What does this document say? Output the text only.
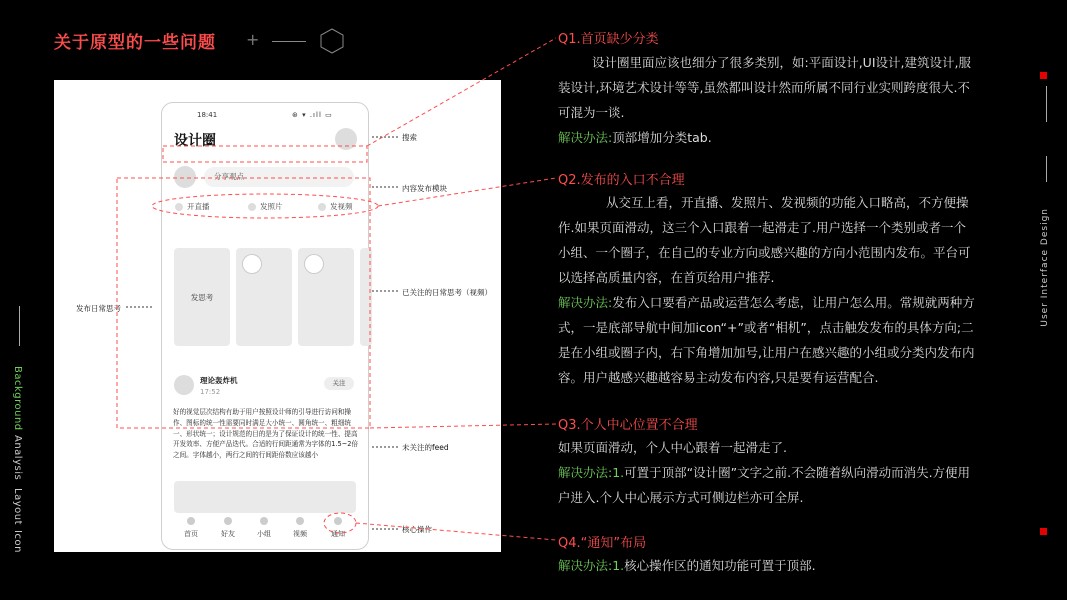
关于原型的一些问题 +
18:41	⊛ ▾ .ıll ▭
设计圈
分享观点
开直播	发照片	发视频
发思考
理论轰炸机
17:52
关注
好的视觉层次结构有助于用户按照设计师的引导进行访问和操作、图标的统一性需要同时满足大小统一、圆角统一、粗细统一、形状统一；设计规范的目的是为了保证设计的统一性、提高开发效率、方便产品迭代。合适的行间距通常为字体的1.5~2倍之间。字体越小，两行之间的行间距倍数应该越小
首页	好友	小组	视频	通知
搜索
内容发布模块
发布日常思考
已关注的日常思考（视频）
未关注的feed
核心操作
Q1.首页缺少分类
设计圈里面应该也细分了很多类别，如:平面设计,UI设计,建筑设计,服
装设计,环境艺术设计等等,虽然都叫设计然而所属不同行业实则跨度很大.不
可混为一谈.
解决办法:顶部增加分类tab.
Q2.发布的入口不合理
从交互上看，开直播、发照片、发视频的功能入口略高，不方便操
作.如果页面滑动，这三个入口跟着一起滑走了.用户选择一个类别或者一个
小组、一个圈子，在自己的专业方向或感兴趣的方向小范围内发布。平台可
以选择高质量内容，在首页给用户推荐.
解决办法:发布入口要看产品或运营怎么考虑，让用户怎么用。常规就两种方
式，一是底部导航中间加icon“+”或者“相机”，点击触发发布的具体方向;二
是在小组或圈子内，右下角增加加号,让用户在感兴趣的小组或分类内发布内
容。用户越感兴趣越容易主动发布内容,只是要有运营配合.
Q3.个人中心位置不合理
如果页面滑动，个人中心跟着一起滑走了.
解决办法:1.可置于顶部“设计圈”文字之前.不会随着纵向滑动而消失.方便用
户进入.个人中心展示方式可侧边栏亦可全屏.
Q4.“通知”布局
解决办法:1.核心操作区的通知功能可置于顶部.
User Interface Design
Background
Analysis
Layout
Icon
